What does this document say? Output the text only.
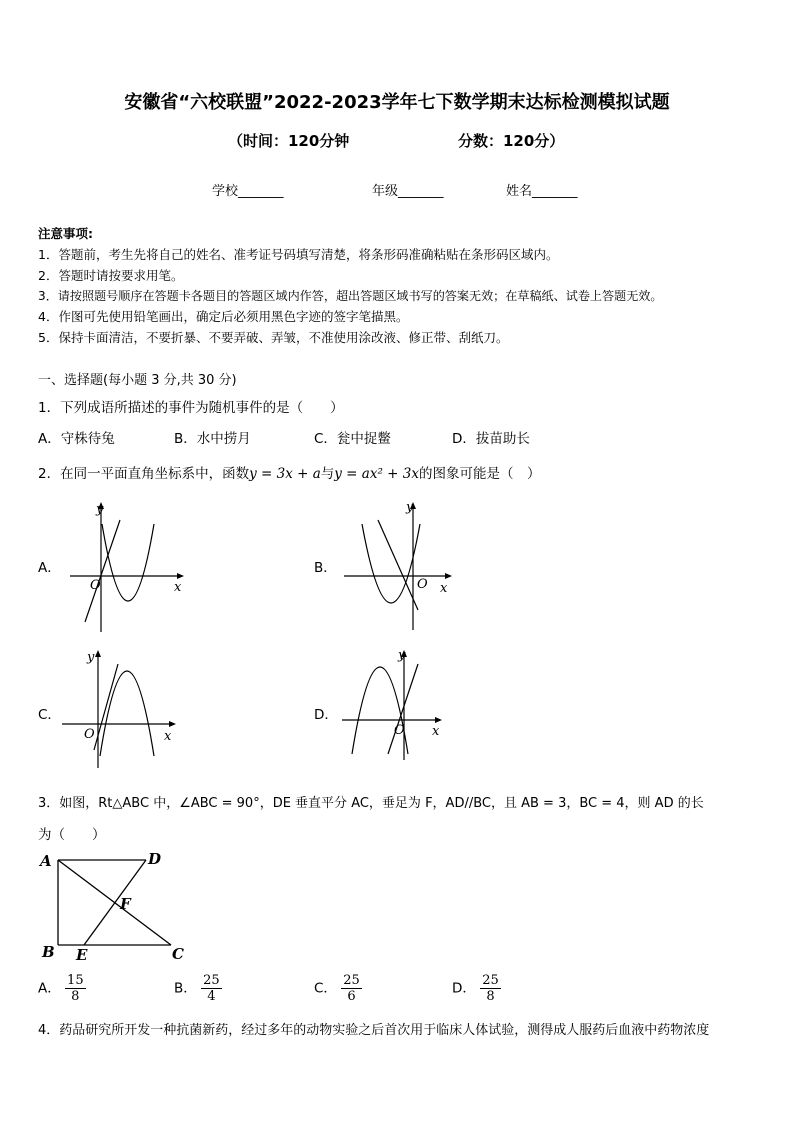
安徽省“六校联盟”2022-2023学年七下数学期末达标检测模拟试题
（时间：120分钟	分数：120分）
学校_______	年级_______	姓名_______
注意事项:
1．答题前，考生先将自己的姓名、准考证号码填写清楚，将条形码准确粘贴在条形码区域内。
2．答题时请按要求用笔。
3．请按照题号顺序在答题卡各题目的答题区域内作答，超出答题区域书写的答案无效；在草稿纸、试卷上答题无效。
4．作图可先使用铅笔画出，确定后必须用黑色字迹的签字笔描黑。
5．保持卡面清洁，不要折暴、不要弄破、弄皱，不准使用涂改液、修正带、刮纸刀。
一、选择题(每小题 3 分,共 30 分)
1．下列成语所描述的事件为随机事件的是（　　）
A．守株待兔	B．水中捞月	C．瓮中捉鳖	D．拔苗助长
2．在同一平面直角坐标系中，函数y = 3x + a与y = ax² + 3x的图象可能是（　）
A．
y
x
O
B．
y
x
O
C．
y
x
O
D．
y
x
O
3．如图，Rt△ABC 中，∠ABC = 90°，DE 垂直平分 AC，垂足为 F，AD//BC，且 AB = 3，BC = 4，则 AD 的长
为（　　）
A	D
F
B E	C
A． $\frac{15}{8}$	B． $\frac{25}{4}$	C． $\frac{25}{6}$	D． $\frac{25}{8}$
4．药品研究所开发一种抗菌新药，经过多年的动物实验之后首次用于临床人体试验，测得成人服药后血液中药物浓度
